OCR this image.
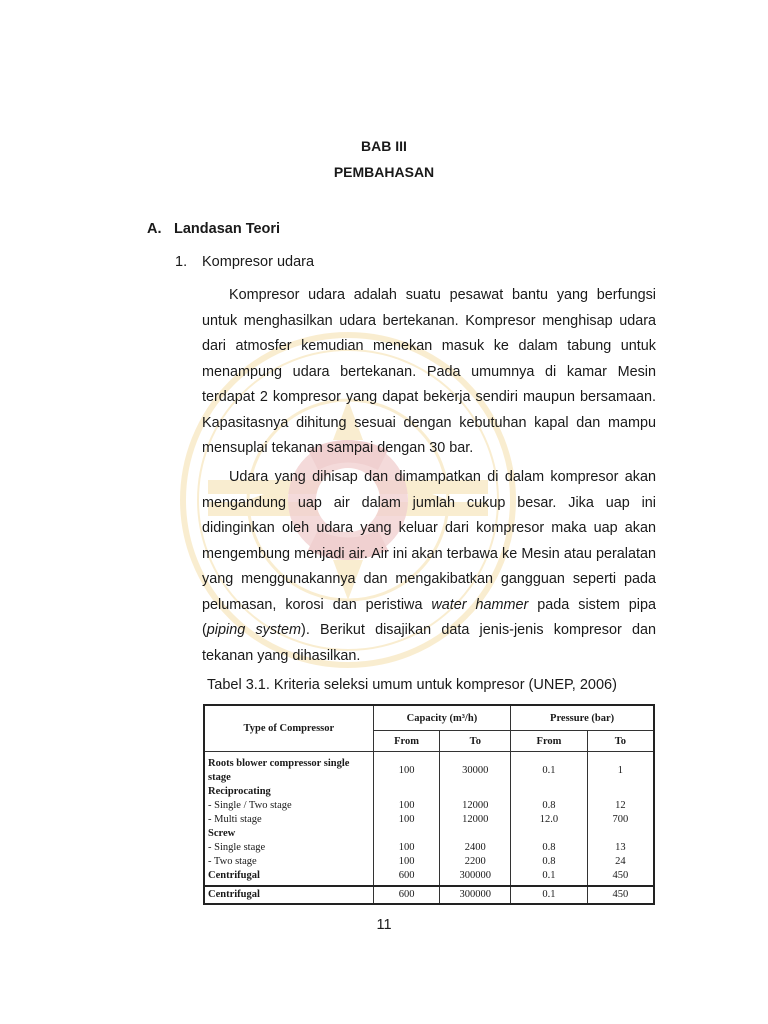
BAB III
PEMBAHASAN
A. Landasan Teori
1. Kompresor udara

Kompresor udara adalah suatu pesawat bantu yang berfungsi untuk menghasilkan udara bertekanan. Kompresor menghisap udara dari atmosfer kemudian menekan masuk ke dalam tabung untuk menampung udara bertekanan. Pada umumnya di kamar Mesin terdapat 2 kompresor yang dapat bekerja sendiri maupun bersamaan. Kapasitasnya dihitung sesuai dengan kebutuhan kapal dan mampu mensuplai tekanan sampai dengan 30 bar.

Udara yang dihisap dan dimampatkan di dalam kompresor akan mengandung uap air dalam jumlah cukup besar. Jika uap ini didinginkan oleh udara yang keluar dari kompresor maka uap akan mengembung menjadi air. Air ini akan terbawa ke Mesin atau peralatan yang menggunakannya dan mengakibatkan gangguan seperti pada pelumasan, korosi dan peristiwa water hammer pada sistem pipa (piping system). Berikut disajikan data jenis-jenis kompresor dan tekanan yang dihasilkan.

Tabel 3.1. Kriteria seleksi umum untuk kompresor (UNEP, 2006)
Type of Compressor	Capacity (m³/h)		Pressure (bar)	
	From	To	From	To
Roots blower compressor single stage	100	30000	0.1	1
Reciprocating				
- Single / Two stage	100	12000	0.8	12
- Multi stage	100	12000	12.0	700
Screw				
- Single stage	100	2400	0.8	13
- Two stage	100	2200	0.8	24
Centrifugal	600	300000	0.1	450
Centrifugal	600	300000	0.1	450
11
